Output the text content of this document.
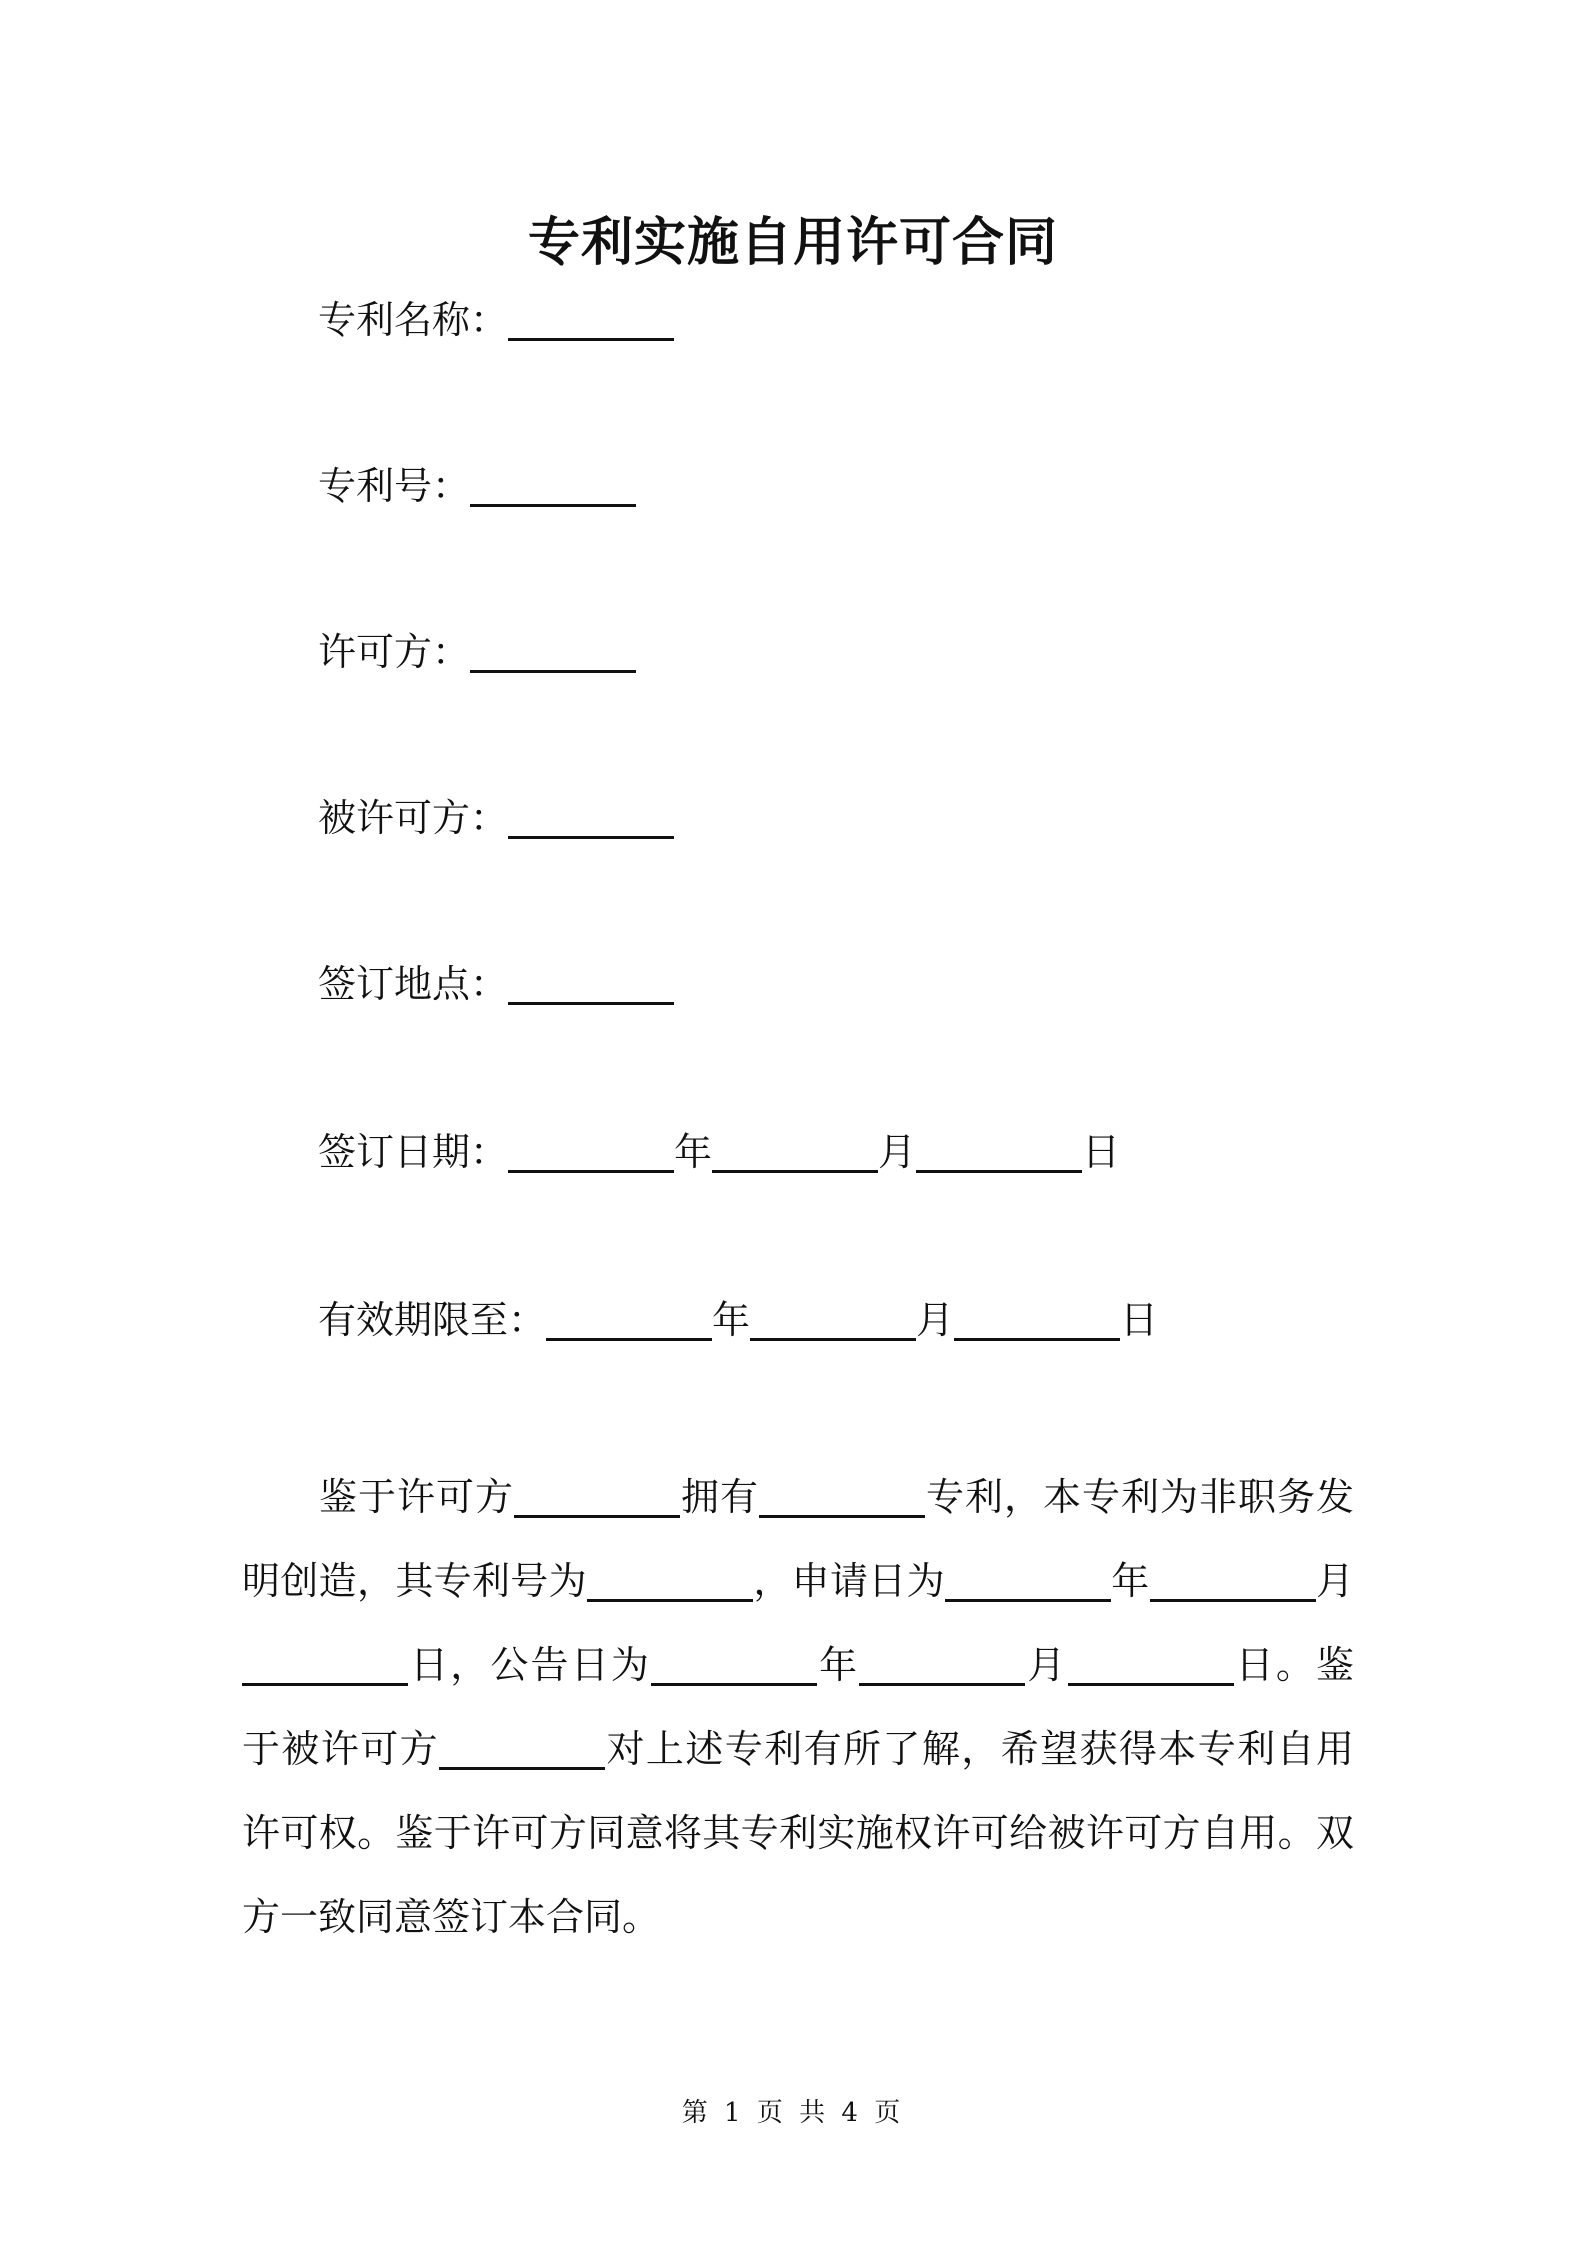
专利实施自用许可合同
专利名称：
专利号：
许可方：
被许可方：
签订地点：
签订日期：	年	月	日
有效期限至：	年	月	日
鉴于许可方	拥有	专利，本专利为非职务发明创造，其专利号为	，申请日为	年	月日，公告日为	年	月	日。鉴于被许可方	对上述专利有所了解，希望获得本专利自用许可权。鉴于许可方同意将其专利实施权许可给被许可方自用。双方一致同意签订本合同。
第 1 页 共 4 页
